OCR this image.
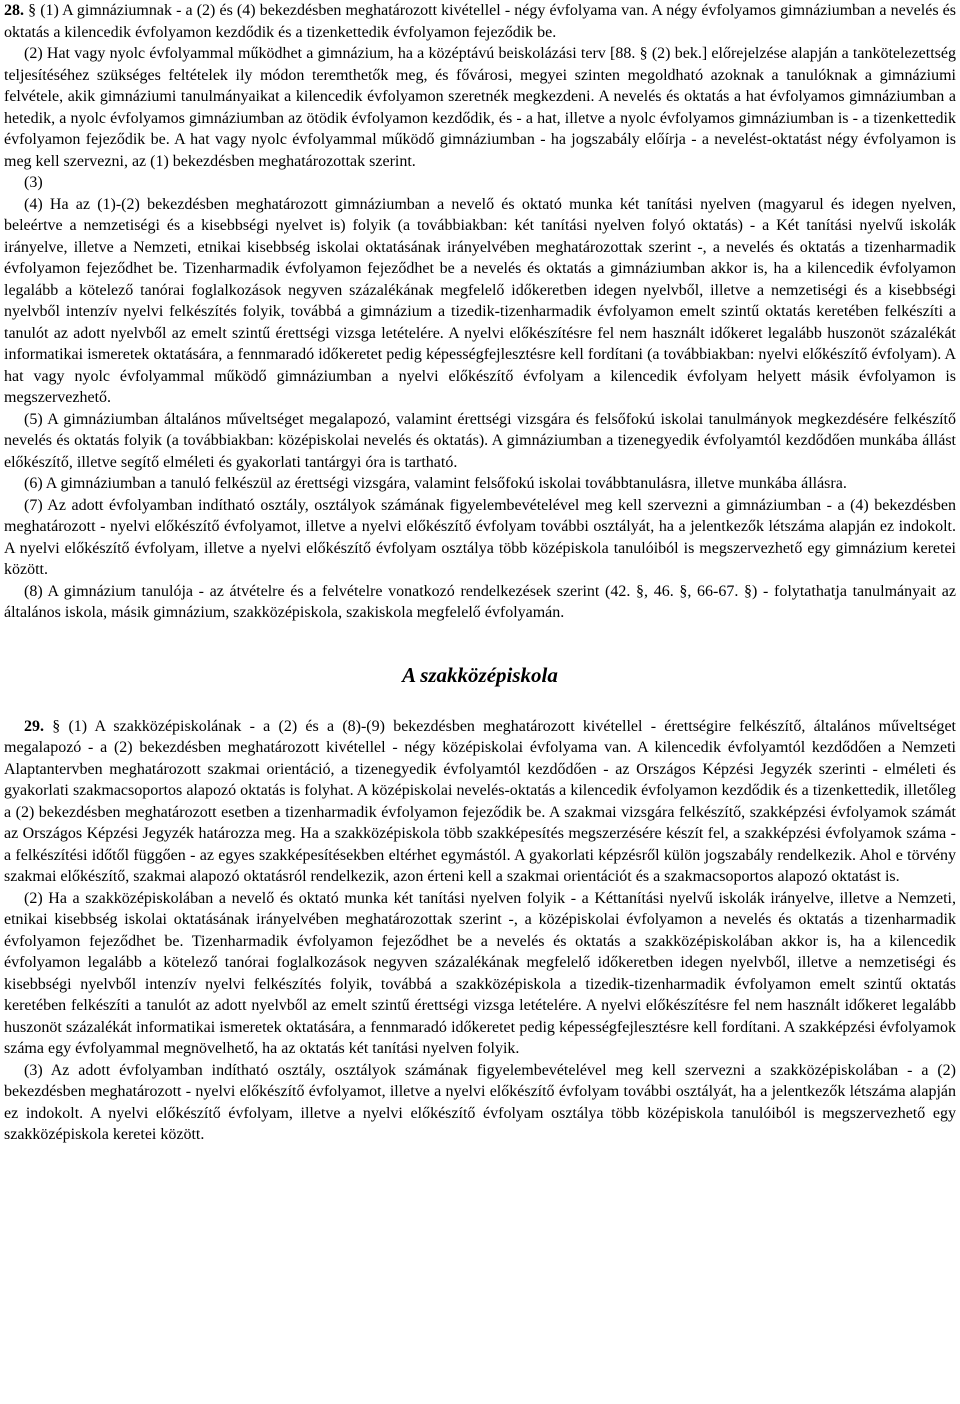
28. § (1) A gimnáziumnak - a (2) és (4) bekezdésben meghatározott kivétellel - négy évfolyama van. A négy évfolyamos gimnáziumban a nevelés és oktatás a kilencedik évfolyamon kezdődik és a tizenkettedik évfolyamon fejeződik be.

(2) Hat vagy nyolc évfolyammal működhet a gimnázium, ha a középtávú beiskolázási terv [88. § (2) bek.] előrejelzése alapján a tankötelezettség teljesítéséhez szükséges feltételek ily módon teremthetők meg, és fővárosi, megyei szinten megoldható azoknak a tanulóknak a gimnáziumi felvétele, akik gimnáziumi tanulmányaikat a kilencedik évfolyamon szeretnék megkezdeni. A nevelés és oktatás a hat évfolyamos gimnáziumban a hetedik, a nyolc évfolyamos gimnáziumban az ötödik évfolyamon kezdődik, és - a hat, illetve a nyolc évfolyamos gimnáziumban is - a tizenkettedik évfolyamon fejeződik be. A hat vagy nyolc évfolyammal működő gimnáziumban - ha jogszabály előírja - a nevelést-oktatást négy évfolyamon is meg kell szervezni, az (1) bekezdésben meghatározottak szerint.

(3)

(4) Ha az (1)-(2) bekezdésben meghatározott gimnáziumban a nevelő és oktató munka két tanítási nyelven (magyarul és idegen nyelven, beleértve a nemzetiségi és a kisebbségi nyelvet is) folyik (a továbbiakban: két tanítási nyelven folyó oktatás) - a Két tanítási nyelvű iskolák irányelve, illetve a Nemzeti, etnikai kisebbség iskolai oktatásának irányelvében meghatározottak szerint -, a nevelés és oktatás a tizenharmadik évfolyamon fejeződhet be. Tizenharmadik évfolyamon fejeződhet be a nevelés és oktatás a gimnáziumban akkor is, ha a kilencedik évfolyamon legalább a kötelező tanórai foglalkozások negyven százalékának megfelelő időkeretben idegen nyelvből, illetve a nemzetiségi és a kisebbségi nyelvből intenzív nyelvi felkészítés folyik, továbbá a gimnázium a tizedik-tizenharmadik évfolyamon emelt szintű oktatás keretében felkészíti a tanulót az adott nyelvből az emelt szintű érettségi vizsga letételére. A nyelvi előkészítésre fel nem használt időkeret legalább huszonöt százalékát informatikai ismeretek oktatására, a fennmaradó időkeretet pedig képességfejlesztésre kell fordítani (a továbbiakban: nyelvi előkészítő évfolyam). A hat vagy nyolc évfolyammal működő gimnáziumban a nyelvi előkészítő évfolyam a kilencedik évfolyam helyett másik évfolyamon is megszervezhető.

(5) A gimnáziumban általános műveltséget megalapozó, valamint érettségi vizsgára és felsőfokú iskolai tanulmányok megkezdésére felkészítő nevelés és oktatás folyik (a továbbiakban: középiskolai nevelés és oktatás). A gimnáziumban a tizenegyedik évfolyamtól kezdődően munkába állást előkészítő, illetve segítő elméleti és gyakorlati tantárgyi óra is tartható.

(6) A gimnáziumban a tanuló felkészül az érettségi vizsgára, valamint felsőfokú iskolai továbbtanulásra, illetve munkába állásra.

(7) Az adott évfolyamban indítható osztály, osztályok számának figyelembevételével meg kell szervezni a gimnáziumban - a (4) bekezdésben meghatározott - nyelvi előkészítő évfolyamot, illetve a nyelvi előkészítő évfolyam további osztályát, ha a jelentkezők létszáma alapján ez indokolt. A nyelvi előkészítő évfolyam, illetve a nyelvi előkészítő évfolyam osztálya több középiskola tanulóiból is megszervezhető egy gimnázium keretei között.

(8) A gimnázium tanulója - az átvételre és a felvételre vonatkozó rendelkezések szerint (42. §, 46. §, 66-67. §) - folytathatja tanulmányait az általános iskola, másik gimnázium, szakközépiskola, szakiskola megfelelő évfolyamán.

A szakközépiskola

29. § (1) A szakközépiskolának - a (2) és a (8)-(9) bekezdésben meghatározott kivétellel - érettségire felkészítő, általános műveltséget megalapozó - a (2) bekezdésben meghatározott kivétellel - négy középiskolai évfolyama van. A kilencedik évfolyamtól kezdődően a Nemzeti Alaptantervben meghatározott szakmai orientáció, a tizenegyedik évfolyamtól kezdődően - az Országos Képzési Jegyzék szerinti - elméleti és gyakorlati szakmacsoportos alapozó oktatás is folyhat. A középiskolai nevelés-oktatás a kilencedik évfolyamon kezdődik és a tizenkettedik, illetőleg a (2) bekezdésben meghatározott esetben a tizenharmadik évfolyamon fejeződik be. A szakmai vizsgára felkészítő, szakképzési évfolyamok számát az Országos Képzési Jegyzék határozza meg. Ha a szakközépiskola több szakképesítés megszerzésére készít fel, a szakképzési évfolyamok száma - a felkészítési időtől függően - az egyes szakképesítésekben eltérhet egymástól. A gyakorlati képzésről külön jogszabály rendelkezik. Ahol e törvény szakmai előkészítő, szakmai alapozó oktatásról rendelkezik, azon érteni kell a szakmai orientációt és a szakmacsoportos alapozó oktatást is.

(2) Ha a szakközépiskolában a nevelő és oktató munka két tanítási nyelven folyik - a Kéttanítási nyelvű iskolák irányelve, illetve a Nemzeti, etnikai kisebbség iskolai oktatásának irányelvében meghatározottak szerint -, a középiskolai évfolyamon a nevelés és oktatás a tizenharmadik évfolyamon fejeződhet be. Tizenharmadik évfolyamon fejeződhet be a nevelés és oktatás a szakközépiskolában akkor is, ha a kilencedik évfolyamon legalább a kötelező tanórai foglalkozások negyven százalékának megfelelő időkeretben idegen nyelvből, illetve a nemzetiségi és kisebbségi nyelvből intenzív nyelvi felkészítés folyik, továbbá a szakközépiskola a tizedik-tizenharmadik évfolyamon emelt szintű oktatás keretében felkészíti a tanulót az adott nyelvből az emelt szintű érettségi vizsga letételére. A nyelvi előkészítésre fel nem használt időkeret legalább huszonöt százalékát informatikai ismeretek oktatására, a fennmaradó időkeretet pedig képességfejlesztésre kell fordítani. A szakképzési évfolyamok száma egy évfolyammal megnövelhető, ha az oktatás két tanítási nyelven folyik.

(3) Az adott évfolyamban indítható osztály, osztályok számának figyelembevételével meg kell szervezni a szakközépiskolában - a (2) bekezdésben meghatározott - nyelvi előkészítő évfolyamot, illetve a nyelvi előkészítő évfolyam további osztályát, ha a jelentkezők létszáma alapján ez indokolt. A nyelvi előkészítő évfolyam, illetve a nyelvi előkészítő évfolyam osztálya több középiskola tanulóiból is megszervezhető egy szakközépiskola keretei között.
